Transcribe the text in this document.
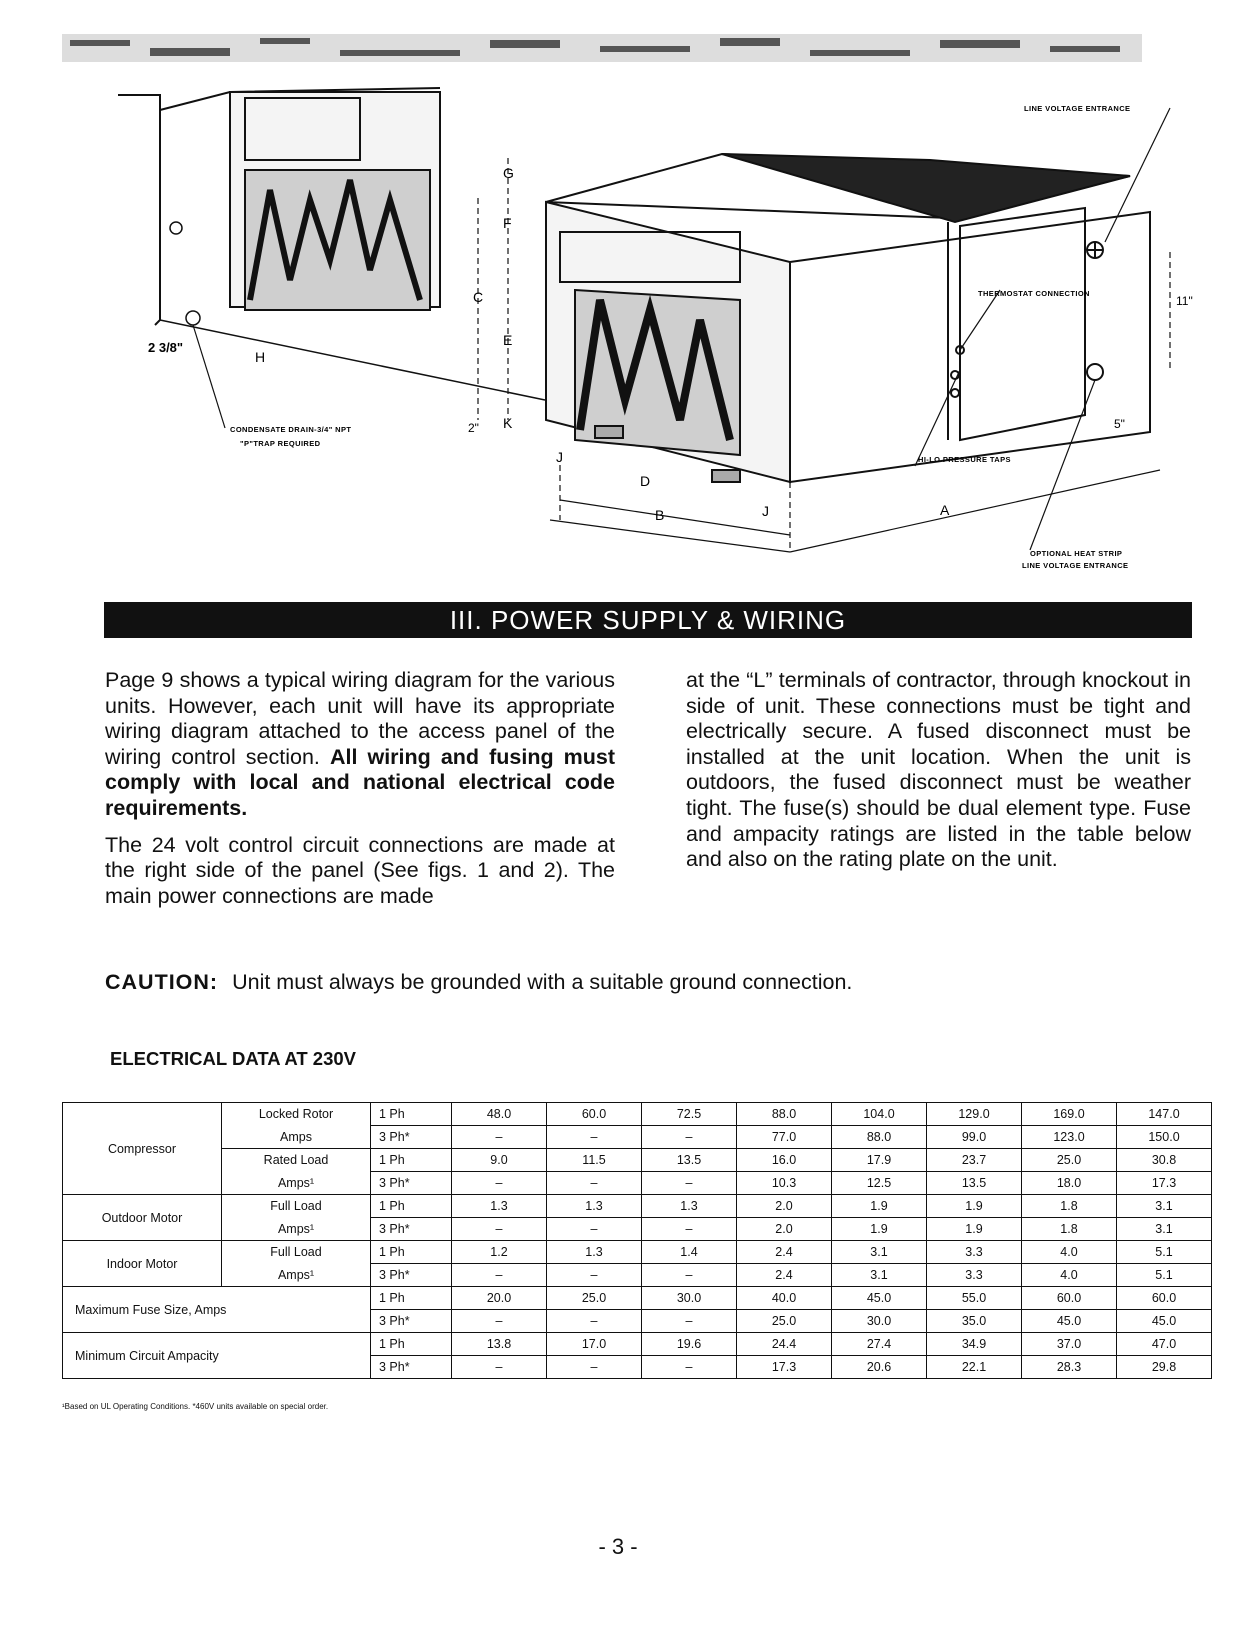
LINE VOLTAGE ENTRANCE
THERMOSTAT CONNECTION
CONDENSATE DRAIN-3/4" NPT
"P"TRAP REQUIRED
HI-LO PRESSURE TAPS
OPTIONAL HEAT STRIP
LINE VOLTAGE ENTRANCE
2 3/8"
2"	5"
11"
G
F
C
E
K
J
D
B	J	A
H
III. POWER SUPPLY & WIRING

Page 9 shows a typical wiring diagram for the various units. However, each unit will have its appropriate wiring diagram attached to the access panel of the wiring control section. All wiring and fusing must comply with local and national electrical code requirements.

The 24 volt control circuit connections are made at the right side of the panel (See figs. 1 and 2). The main power connections are made

at the “L” terminals of contractor, through knockout in side of unit. These connections must be tight and electrically secure. A fused disconnect must be installed at the unit location. When the unit is outdoors, the fused disconnect must be weather tight. The fuse(s) should be dual element type. Fuse and ampacity ratings are listed in the table below and also on the rating plate on the unit.

CAUTION: Unit must always be grounded with a suitable ground connection.
ELECTRICAL DATA AT 230V
Compressor	Locked Rotor	1 Ph	48.0	60.0	72.5	88.0	104.0	129.0	169.0	147.0
	Amps	3 Ph*	–	–	–	77.0	88.0	99.0	123.0	150.0
	Rated Load	1 Ph	9.0	11.5	13.5	16.0	17.9	23.7	25.0	30.8
	Amps¹	3 Ph*	–	–	–	10.3	12.5	13.5	18.0	17.3
Outdoor Motor	Full Load	1 Ph	1.3	1.3	1.3	2.0	1.9	1.9	1.8	3.1
	Amps¹	3 Ph*	–	–	–	2.0	1.9	1.9	1.8	3.1
Indoor Motor	Full Load	1 Ph	1.2	1.3	1.4	2.4	3.1	3.3	4.0	5.1
	Amps¹	3 Ph*	–	–	–	2.4	3.1	3.3	4.0	5.1
Maximum Fuse Size, Amps		1 Ph	20.0	25.0	30.0	40.0	45.0	55.0	60.0	60.0
		3 Ph*	–	–	–	25.0	30.0	35.0	45.0	45.0
Minimum Circuit Ampacity		1 Ph	13.8	17.0	19.6	24.4	27.4	34.9	37.0	47.0
		3 Ph*	–	–	–	17.3	20.6	22.1	28.3	29.8
¹Based on UL Operating Conditions. *460V units available on special order.
- 3 -
